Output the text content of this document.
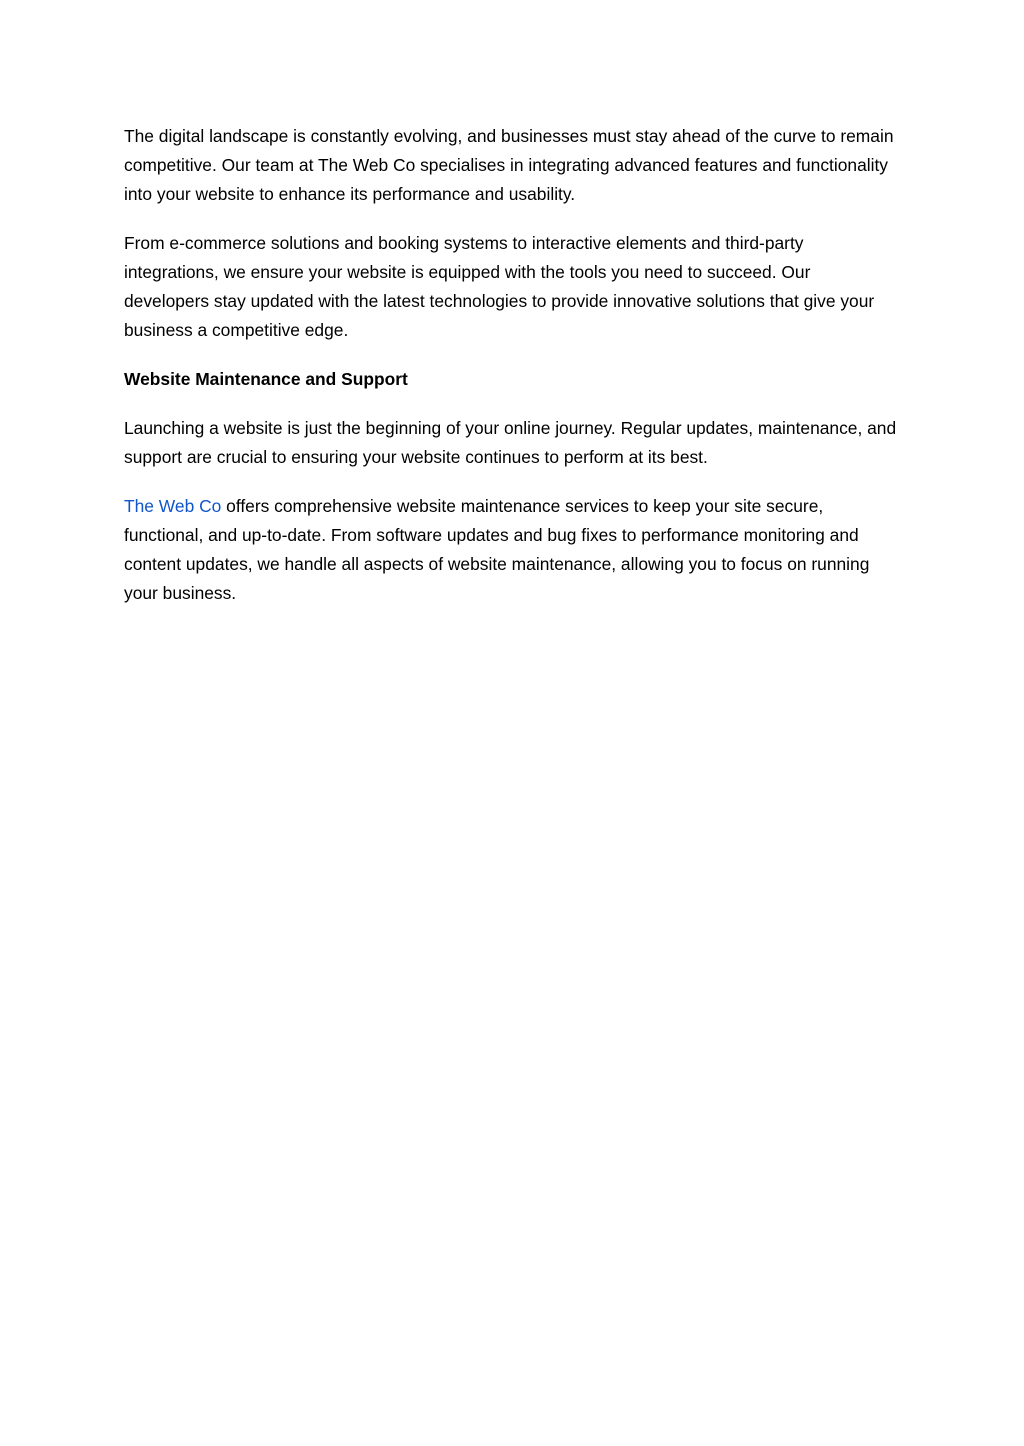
The digital landscape is constantly evolving, and businesses must stay ahead of the curve to remain competitive. Our team at The Web Co specialises in integrating advanced features and functionality into your website to enhance its performance and usability.

From e-commerce solutions and booking systems to interactive elements and third-party integrations, we ensure your website is equipped with the tools you need to succeed. Our developers stay updated with the latest technologies to provide innovative solutions that give your business a competitive edge.

Website Maintenance and Support

Launching a website is just the beginning of your online journey. Regular updates, maintenance, and support are crucial to ensuring your website continues to perform at its best.

The Web Co offers comprehensive website maintenance services to keep your site secure, functional, and up-to-date. From software updates and bug fixes to performance monitoring and content updates, we handle all aspects of website maintenance, allowing you to focus on running your business.
